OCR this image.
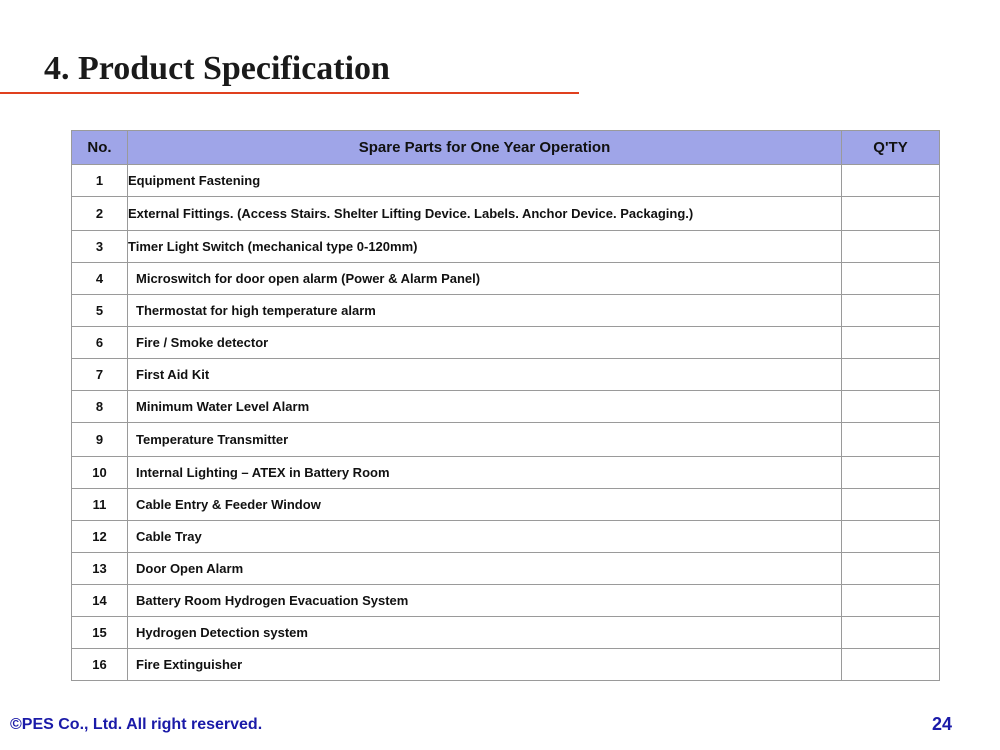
4. Product Specification
No.	Spare Parts for One Year Operation	Q'TY
1	Equipment Fastening	
2	External Fittings. (Access Stairs. Shelter Lifting Device. Labels. Anchor Device. Packaging.)	
3	Timer Light Switch (mechanical type 0-120mm)	
4	Microswitch for door open alarm (Power & Alarm Panel)	
5	Thermostat for high temperature alarm	
6	Fire / Smoke detector	
7	First Aid Kit	
8	Minimum Water Level Alarm	
9	Temperature Transmitter	
10	Internal Lighting – ATEX in Battery Room	
11	Cable Entry & Feeder Window	
12	Cable Tray	
13	Door Open Alarm	
14	Battery Room Hydrogen Evacuation System	
15	Hydrogen Detection system	
16	Fire Extinguisher	
©PES Co., Ltd. All right reserved.	24
